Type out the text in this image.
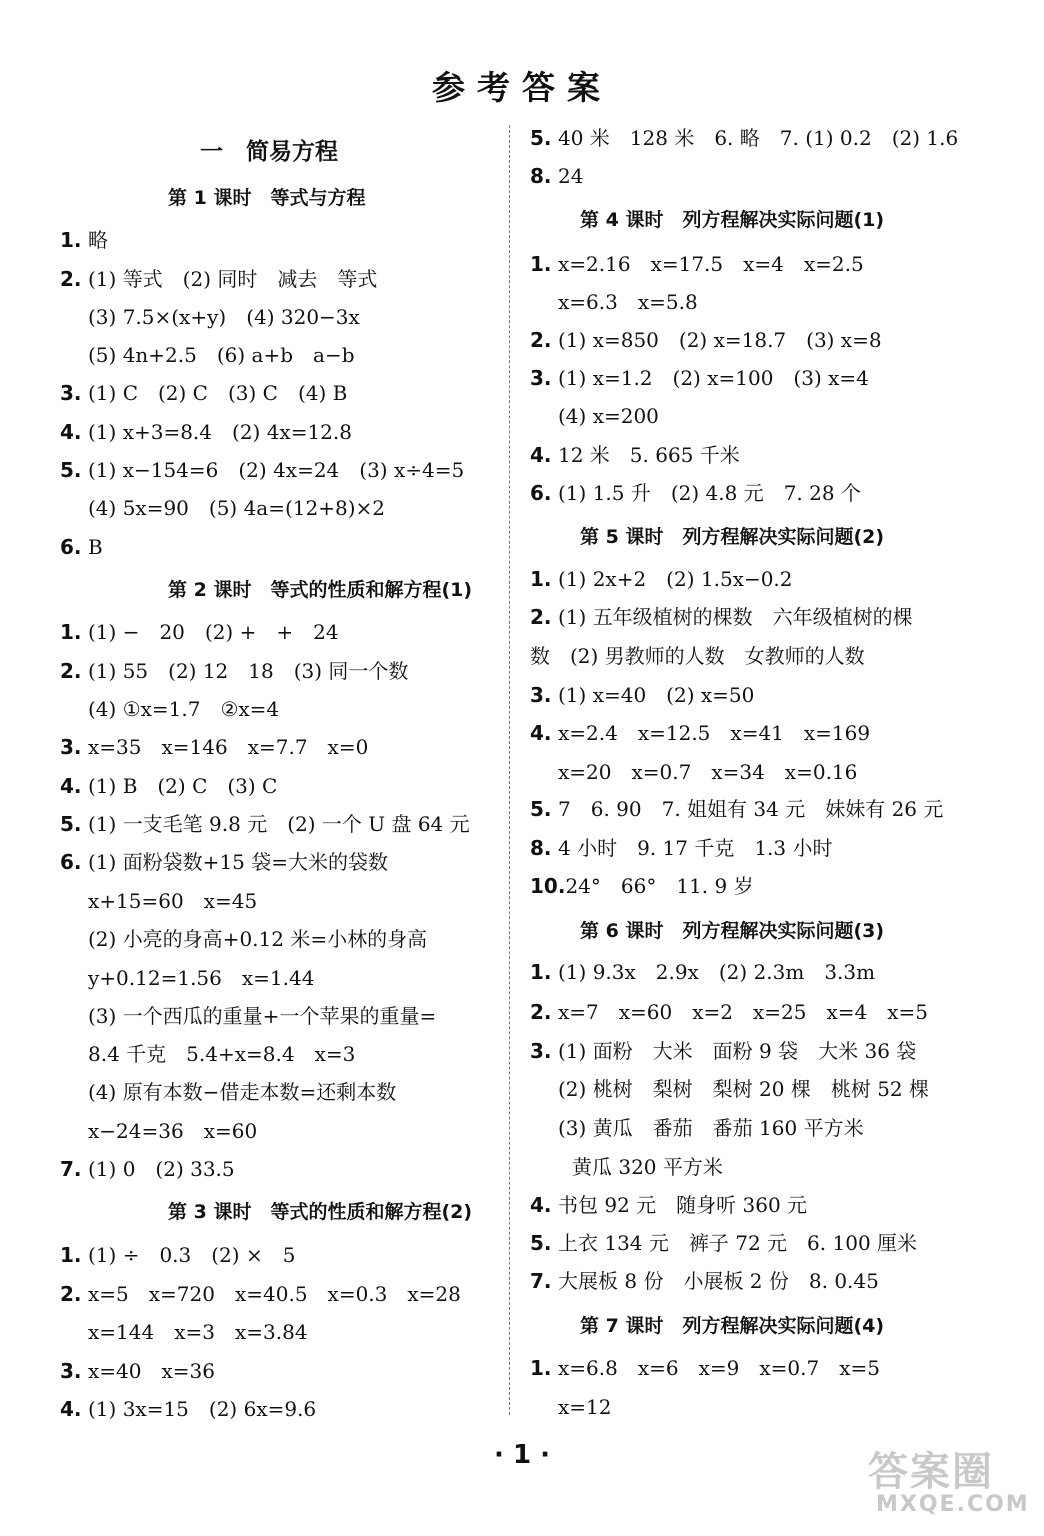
参考答案
一　简易方程
第 1 课时　等式与方程
1. 略
2. (1) 等式　(2) 同时　减去　等式
(3) 7.5×(x+y)　(4) 320−3x
(5) 4n+2.5　(6) a+b　a−b
3. (1) C　(2) C　(3) C　(4) B
4. (1) x+3=8.4　(2) 4x=12.8
5. (1) x−154=6　(2) 4x=24　(3) x÷4=5
(4) 5x=90　(5) 4a=(12+8)×2
6. B
第 2 课时　等式的性质和解方程(1)
1. (1) −　20　(2) +　+　24
2. (1) 55　(2) 12　18　(3) 同一个数
(4) ①x=1.7　②x=4
3. x=35　x=146　x=7.7　x=0
4. (1) B　(2) C　(3) C
5. (1) 一支毛笔 9.8 元　(2) 一个 U 盘 64 元
6. (1) 面粉袋数+15 袋=大米的袋数
x+15=60　x=45
(2) 小亮的身高+0.12 米=小林的身高
y+0.12=1.56　x=1.44
(3) 一个西瓜的重量+一个苹果的重量=
8.4 千克　5.4+x=8.4　x=3
(4) 原有本数−借走本数=还剩本数
x−24=36　x=60
7. (1) 0　(2) 33.5
第 3 课时　等式的性质和解方程(2)
1. (1) ÷　0.3　(2) ×　5
2. x=5　x=720　x=40.5　x=0.3　x=28
x=144　x=3　x=3.84
3. x=40　x=36
4. (1) 3x=15　(2) 6x=9.6
5. 40 米　128 米　6. 略　7. (1) 0.2　(2) 1.6
8. 24
第 4 课时　列方程解决实际问题(1)
1. x=2.16　x=17.5　x=4　x=2.5
x=6.3　x=5.8
2. (1) x=850　(2) x=18.7　(3) x=8
3. (1) x=1.2　(2) x=100　(3) x=4
(4) x=200
4. 12 米　5. 665 千米
6. (1) 1.5 升　(2) 4.8 元　7. 28 个
第 5 课时　列方程解决实际问题(2)
1. (1) 2x+2　(2) 1.5x−0.2
2. (1) 五年级植树的棵数　六年级植树的棵
数　(2) 男教师的人数　女教师的人数
3. (1) x=40　(2) x=50
4. x=2.4　x=12.5　x=41　x=169
x=20　x=0.7　x=34　x=0.16
5. 7　6. 90　7. 姐姐有 34 元　妹妹有 26 元
8. 4 小时　9. 17 千克　1.3 小时
10.24°　66°　11. 9 岁
第 6 课时　列方程解决实际问题(3)
1. (1) 9.3x　2.9x　(2) 2.3m　3.3m
2. x=7　x=60　x=2　x=25　x=4　x=5
3. (1) 面粉　大米　面粉 9 袋　大米 36 袋
(2) 桃树　梨树　梨树 20 棵　桃树 52 棵
(3) 黄瓜　番茄　番茄 160 平方米
黄瓜 320 平方米
4. 书包 92 元　随身听 360 元
5. 上衣 134 元　裤子 72 元　6. 100 厘米
7. 大展板 8 份　小展板 2 份　8. 0.45
第 7 课时　列方程解决实际问题(4)
1. x=6.8　x=6　x=9　x=0.7　x=5
x=12
· 1 ·	答案圈
MXQE.COM
